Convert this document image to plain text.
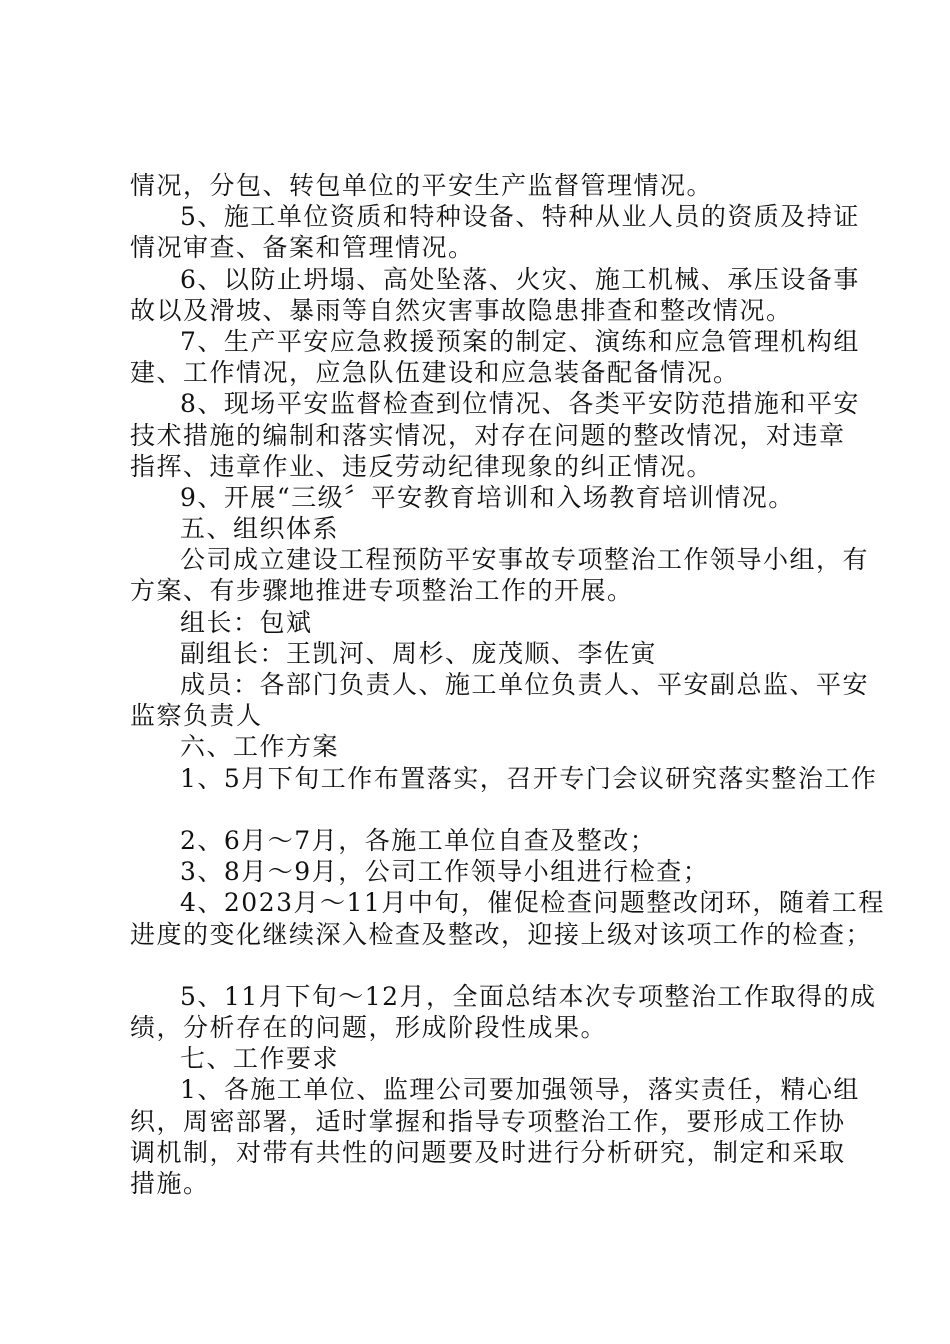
情况，分包、转包单位的平安生产监督管理情况。
5、施工单位资质和特种设备、特种从业人员的资质及持证
情况审查、备案和管理情况。
6、以防止坍塌、高处坠落、火灾、施工机械、承压设备事
故以及滑坡、暴雨等自然灾害事故隐患排查和整改情况。
7、生产平安应急救援预案的制定、演练和应急管理机构组
建、工作情况，应急队伍建设和应急装备配备情况。
8、现场平安监督检查到位情况、各类平安防范措施和平安
技术措施的编制和落实情况，对存在问题的整改情况，对违章
指挥、违章作业、违反劳动纪律现象的纠正情况。
9、开展“三级〞平安教育培训和入场教育培训情况。
五、组织体系
公司成立建设工程预防平安事故专项整治工作领导小组，有
方案、有步骤地推进专项整治工作的开展。
组长：包斌
副组长：王凯河、周杉、庞茂顺、李佐寅
成员：各部门负责人、施工单位负责人、平安副总监、平安
监察负责人
六、工作方案
1、5月下旬工作布置落实，召开专门会议研究落实整治工作
2、6月～7月，各施工单位自查及整改；
3、8月～9月，公司工作领导小组进行检查；
4、2023月～11月中旬，催促检查问题整改闭环，随着工程
进度的变化继续深入检查及整改，迎接上级对该项工作的检查；
5、11月下旬～12月，全面总结本次专项整治工作取得的成
绩，分析存在的问题，形成阶段性成果。
七、工作要求
1、各施工单位、监理公司要加强领导，落实责任，精心组
织，周密部署，适时掌握和指导专项整治工作，要形成工作协
调机制，对带有共性的问题要及时进行分析研究，制定和采取
措施。
